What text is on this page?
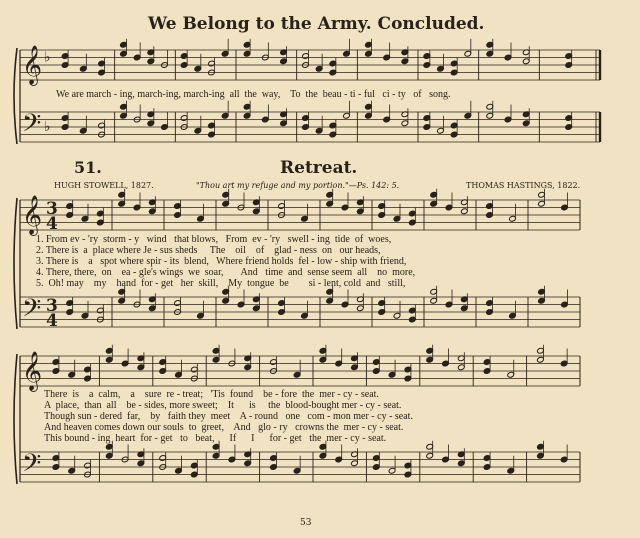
We Belong to the Army. Concluded.
51.	Retreat.
HUGH STOWELL, 1827.	"Thou art my refuge and my portion."—Ps. 142: 5.	THOMAS HASTINGS, 1822.
𝄞
𝄢
♭
♭
𝄞
𝄢
3
4
3
4
𝄞
𝄢
We are march - ing, march-ing, march-ing  all  the  way,    To  the  beau - ti - ful   ci - ty   of   song.
1. From ev - 'ry  storm - y   wind   that blows,   From  ev - 'ry   swell - ing  tide  of  woes,
2. There is  a  place where Je - sus sheds     The    oil    of    glad - ness  on   our heads,
3. There is    a   spot where spir - its  blend,   Where friend holds  fel - low - ship with friend,
4. There, there,  on    ea - gle's wings  we  soar,       And   time  and  sense seem  all    no  more,
5.  Oh! may    my    hand  for - get   her  skill,    My  tongue  be        si - lent, cold  and   still,
There  is    a  calm,    a    sure  re - treat;   'Tis  found    be - fore  the  mer - cy - seat.
A  place,  than  all    be - sides, more sweet;    It      is     the  blood-bought mer - cy - seat.
Though sun - dered  far,    by   faith they  meet    A - round   one   com - mon mer - cy - seat.
And heaven comes down our souls  to  greet,    And   glo - ry   crowns the  mer - cy - seat.
This bound - ing  heart  for - get   to   beat,      If      I      for - get   the  mer - cy - seat.
53
